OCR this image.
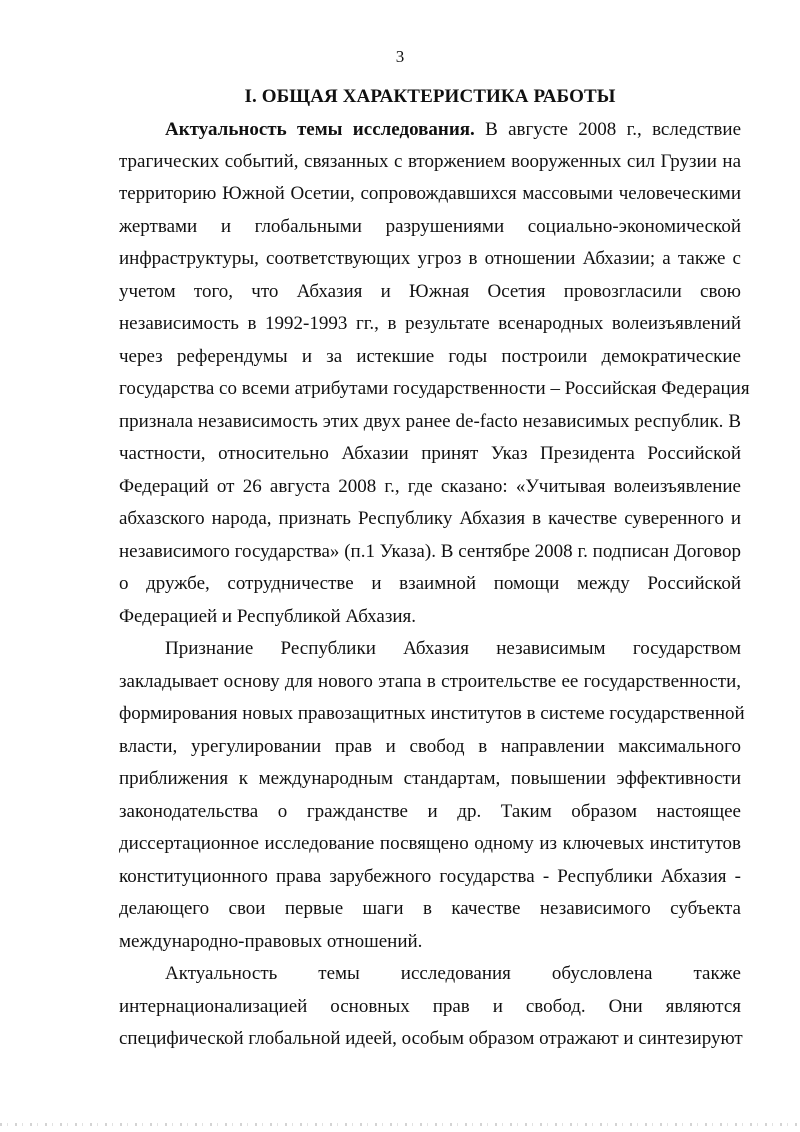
3
I. ОБЩАЯ ХАРАКТЕРИСТИКА РАБОТЫ
Актуальность темы исследования. В августе 2008 г., вследствие
трагических событий, связанных с вторжением вооруженных сил Грузии на
территорию Южной Осетии, сопровождавшихся массовыми человеческими
жертвами и глобальными разрушениями социально-экономической
инфраструктуры, соответствующих угроз в отношении Абхазии; а также с
учетом того, что Абхазия и Южная Осетия провозгласили свою
независимость в 1992-1993 гг., в результате всенародных волеизъявлений
через референдумы и за истекшие годы построили демократические
государства со всеми атрибутами государственности – Российская Федерация
признала независимость этих двух ранее de-facto независимых республик. В
частности, относительно Абхазии принят Указ Президента Российской
Федераций от 26 августа 2008 г., где сказано: «Учитывая волеизъявление
абхазского народа, признать Республику Абхазия в качестве суверенного и
независимого государства» (п.1 Указа). В сентябре 2008 г. подписан Договор
о дружбе, сотрудничестве и взаимной помощи между Российской
Федерацией и Республикой Абхазия.
Признание Республики Абхазия независимым государством
закладывает основу для нового этапа в строительстве ее государственности,
формирования новых правозащитных институтов в системе государственной
власти, урегулировании прав и свобод в направлении максимального
приближения к международным стандартам, повышении эффективности
законодательства о гражданстве и др. Таким образом настоящее
диссертационное исследование посвящено одному из ключевых институтов
конституционного права зарубежного государства - Республики Абхазия -
делающего свои первые шаги в качестве независимого субъекта
международно-правовых отношений.
Актуальность темы исследования обусловлена также
интернационализацией основных прав и свобод. Они являются
специфической глобальной идеей, особым образом отражают и синтезируют
